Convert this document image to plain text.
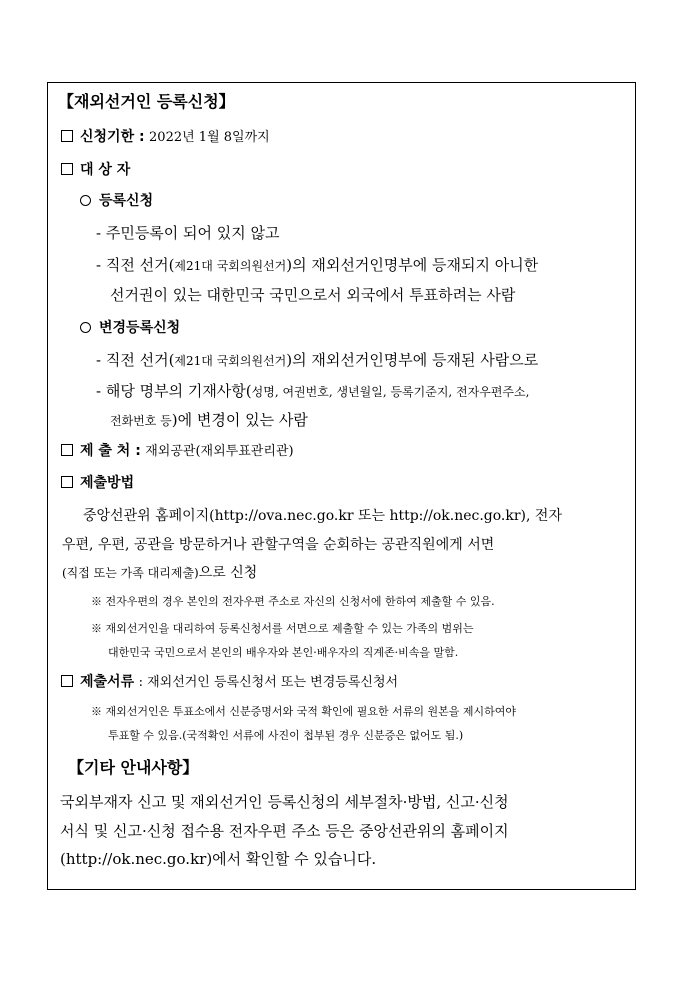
【재외선거인 등록신청】
신청기한 : 2022년 1월 8일까지
대 상 자
등록신청
- 주민등록이 되어 있지 않고
- 직전 선거(제21대 국회의원선거)의 재외선거인명부에 등재되지 아니한
선거권이 있는 대한민국 국민으로서 외국에서 투표하려는 사람
변경등록신청
- 직전 선거(제21대 국회의원선거)의 재외선거인명부에 등재된 사람으로
- 해당 명부의 기재사항(성명, 여권번호, 생년월일, 등록기준지, 전자우편주소,
전화번호 등)에 변경이 있는 사람
제 출 처 : 재외공관(재외투표관리관)
제출방법
중앙선관위 홈페이지(http://ova.nec.go.kr 또는 http://ok.nec.go.kr), 전자
우편, 우편, 공관을 방문하거나 관할구역을 순회하는 공관직원에게 서면
(직접 또는 가족 대리제출)으로 신청
※ 전자우편의 경우 본인의 전자우편 주소로 자신의 신청서에 한하여 제출할 수 있음.
※ 재외선거인을 대리하여 등록신청서를 서면으로 제출할 수 있는 가족의 범위는
대한민국 국민으로서 본인의 배우자와 본인·배우자의 직계존·비속을 말함.
제출서류 : 재외선거인 등록신청서 또는 변경등록신청서
※ 재외선거인은 투표소에서 신분증명서와 국적 확인에 필요한 서류의 원본을 제시하여야
투표할 수 있음.(국적확인 서류에 사진이 첩부된 경우 신분증은 없어도 됨.)
【기타 안내사항】
국외부재자 신고 및 재외선거인 등록신청의 세부절차·방법, 신고·신청
서식 및 신고·신청 접수용 전자우편 주소 등은 중앙선관위의 홈페이지
(http://ok.nec.go.kr)에서 확인할 수 있습니다.
